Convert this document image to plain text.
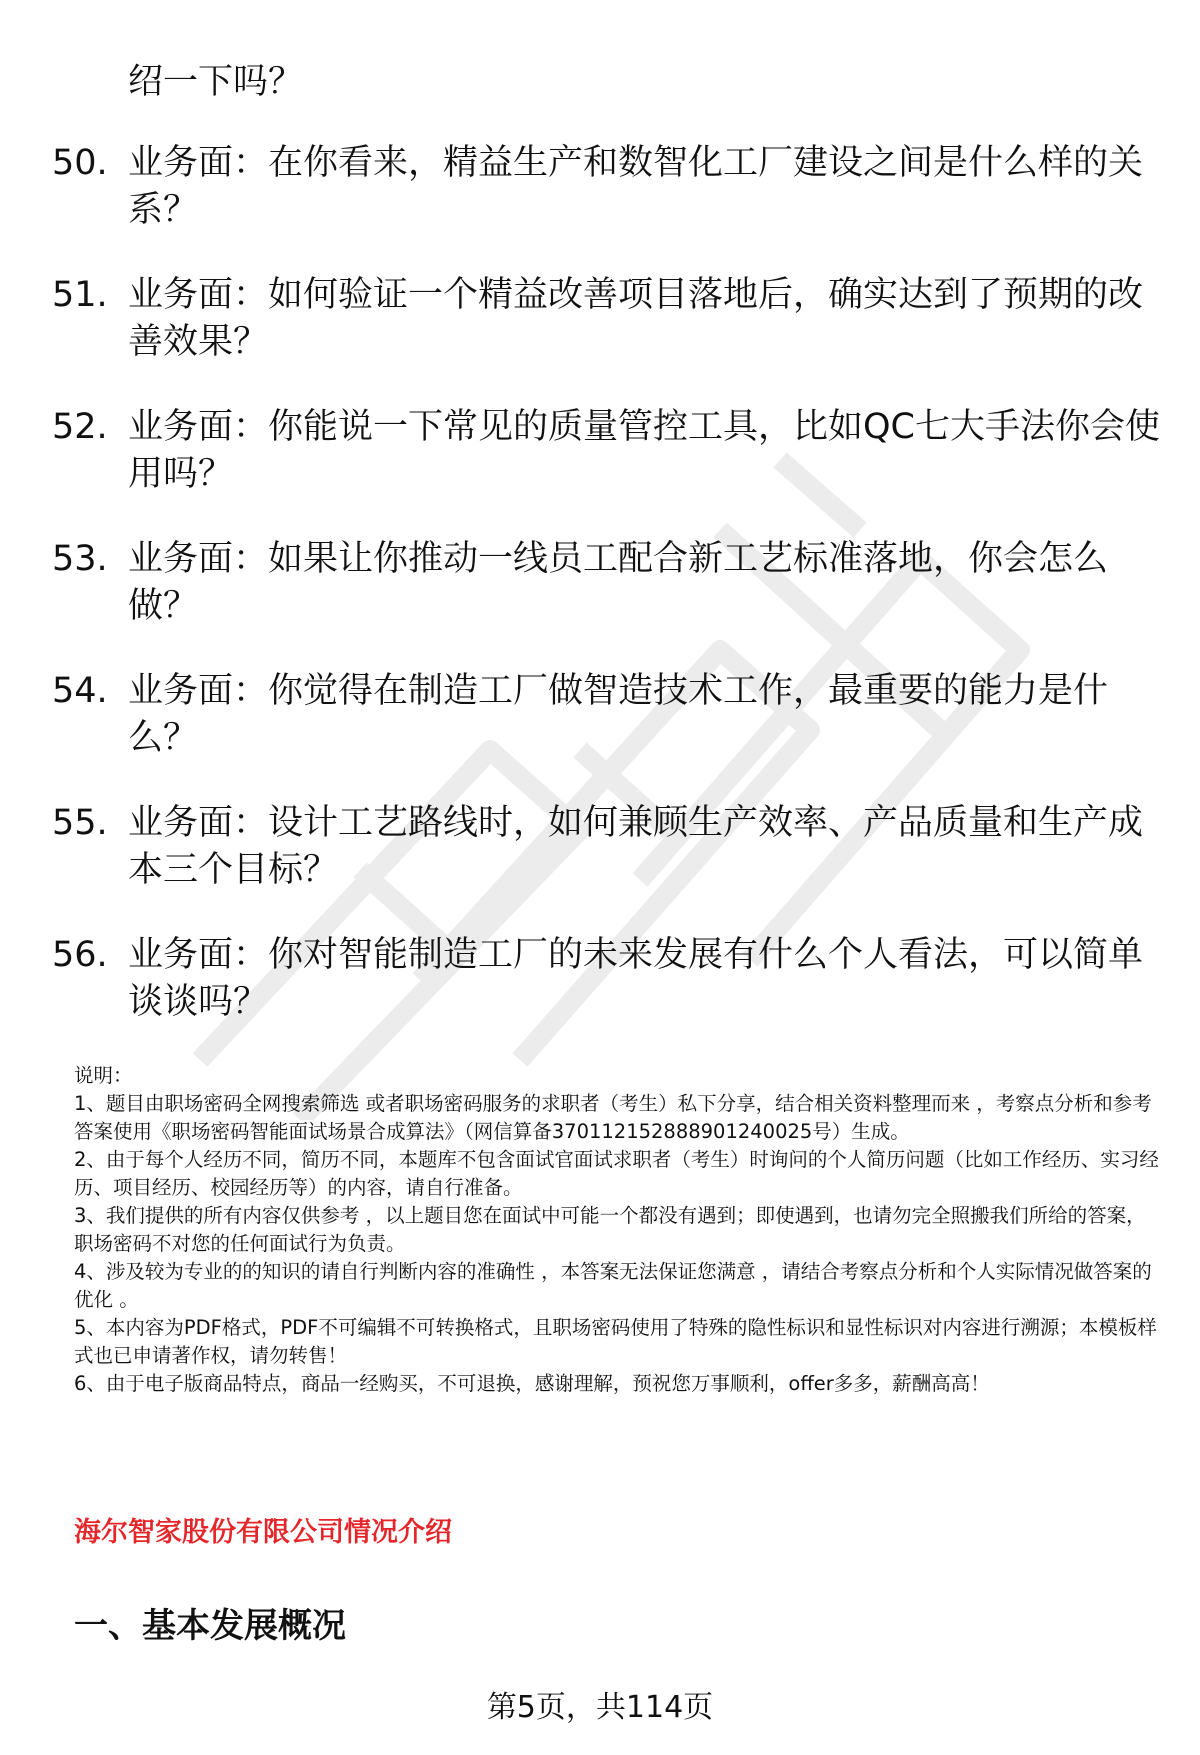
绍一下吗？
50. 业务面：在你看来，精益生产和数智化工厂建设之间是什么样的关系？
51. 业务面：如何验证一个精益改善项目落地后，确实达到了预期的改善效果？
52. 业务面：你能说一下常见的质量管控工具，比如QC七大手法你会使用吗？
53. 业务面：如果让你推动一线员工配合新工艺标准落地，你会怎么做？
54. 业务面：你觉得在制造工厂做智造技术工作，最重要的能力是什么？
55. 业务面：设计工艺路线时，如何兼顾生产效率、产品质量和生产成本三个目标？
56. 业务面：你对智能制造工厂的未来发展有什么个人看法，可以简单谈谈吗？

说明：

1、题目由职场密码全网搜索筛选 或者职场密码服务的求职者（考生）私下分享，结合相关资料整理而来 ，考察点分析和参考答案使用《职场密码智能面试场景合成算法》（网信算备370112152888901240025号）生成。

2、由于每个人经历不同，简历不同，本题库不包含面试官面试求职者（考生）时询问的个人简历问题（比如工作经历、实习经历、项目经历、校园经历等）的内容，请自行准备。

3、我们提供的所有内容仅供参考 ，以上题目您在面试中可能一个都没有遇到；即使遇到，也请勿完全照搬我们所给的答案，职场密码不对您的任何面试行为负责。

4、涉及较为专业的的知识的请自行判断内容的准确性 ，本答案无法保证您满意 ，请结合考察点分析和个人实际情况做答案的优化 。

5、本内容为PDF格式，PDF不可编辑不可转换格式，且职场密码使用了特殊的隐性标识和显性标识对内容进行溯源；本模板样式也已申请著作权，请勿转售！

6、由于电子版商品特点，商品一经购买，不可退换，感谢理解，预祝您万事顺利，offer多多，薪酬高高！

海尔智家股份有限公司情况介绍
一、基本发展概况
第5页，共114页
